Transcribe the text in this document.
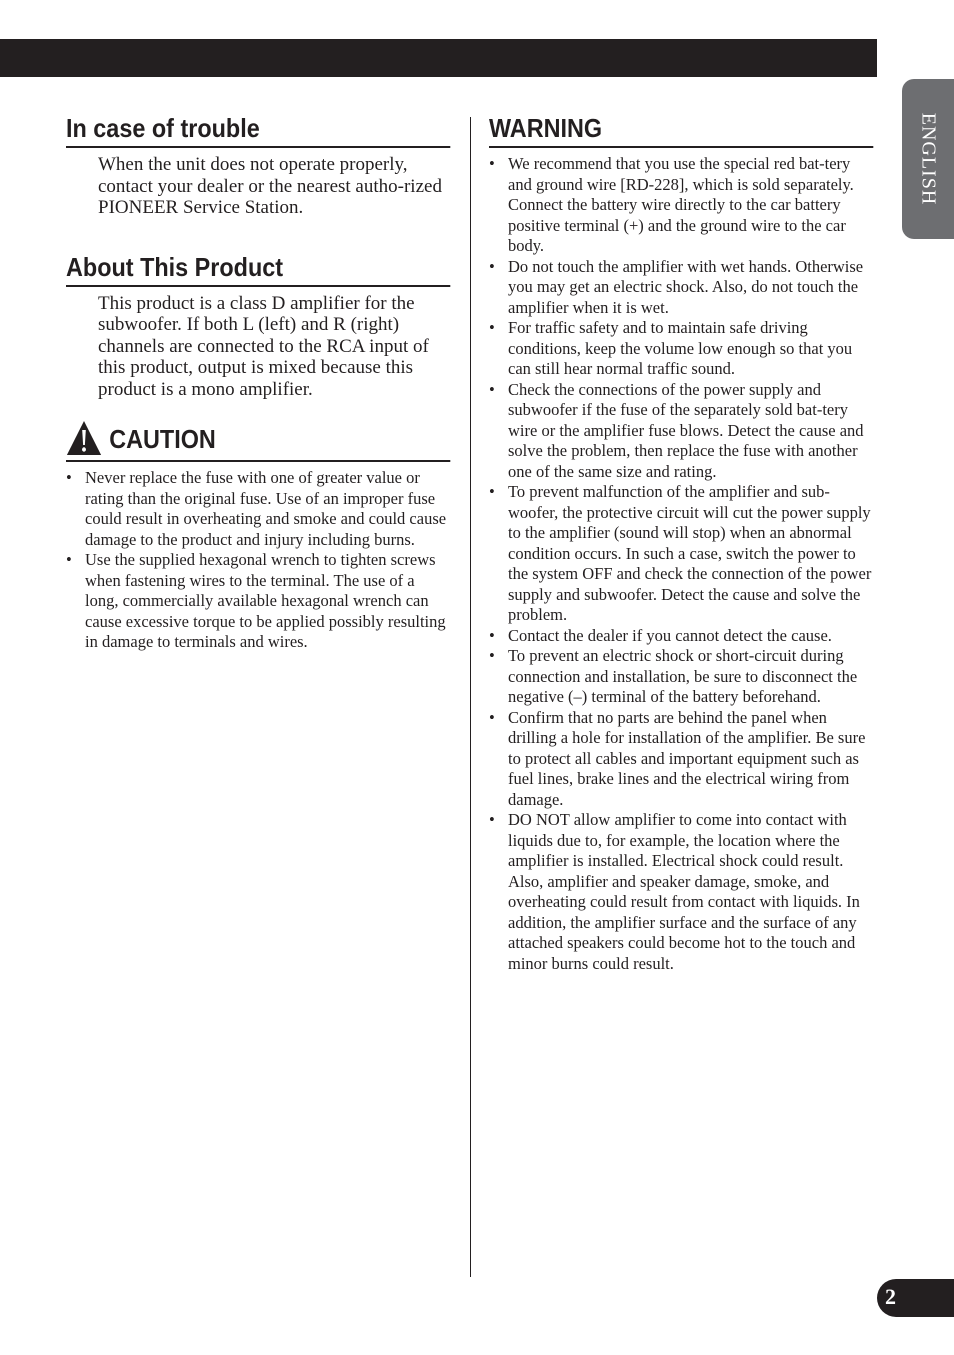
ENGLISH
In case of trouble

When the unit does not operate properly, contact your dealer or the nearest autho-rized PIONEER Service Station.

About This Product

This product is a class D amplifier for the subwoofer. If both L (left) and R (right) channels are connected to the RCA input of this product, output is mixed because this product is a mono amplifier.

CAUTION
• Never replace the fuse with one of greater value or rating than the original fuse. Use of an improper fuse could result in overheating and smoke and could cause damage to the product and injury including burns.
• Use the supplied hexagonal wrench to tighten screws when fastening wires to the terminal. The use of a long, commercially available hexagonal wrench can cause excessive torque to be applied possibly resulting in damage to terminals and wires.
WARNING
• We recommend that you use the special red bat-tery and ground wire [RD-228], which is sold separately. Connect the battery wire directly to the car battery positive terminal (+) and the ground wire to the car body.
• Do not touch the amplifier with wet hands. Otherwise you may get an electric shock. Also, do not touch the amplifier when it is wet.
• For traffic safety and to maintain safe driving conditions, keep the volume low enough so that you can still hear normal traffic sound.
• Check the connections of the power supply and subwoofer if the fuse of the separately sold bat-tery wire or the amplifier fuse blows. Detect the cause and solve the problem, then replace the fuse with another one of the same size and rating.
• To prevent malfunction of the amplifier and sub-woofer, the protective circuit will cut the power supply to the amplifier (sound will stop) when an abnormal condition occurs. In such a case, switch the power to the system OFF and check the connection of the power supply and subwoofer. Detect the cause and solve the problem.
• Contact the dealer if you cannot detect the cause.
• To prevent an electric shock or short-circuit during connection and installation, be sure to disconnect the negative (–) terminal of the battery beforehand.
• Confirm that no parts are behind the panel when drilling a hole for installation of the amplifier. Be sure to protect all cables and important equipment such as fuel lines, brake lines and the electrical wiring from damage.
• DO NOT allow amplifier to come into contact with liquids due to, for example, the location where the amplifier is installed. Electrical shock could result. Also, amplifier and speaker damage, smoke, and overheating could result from contact with liquids. In addition, the amplifier surface and the surface of any attached speakers could become hot to the touch and minor burns could result.
2
